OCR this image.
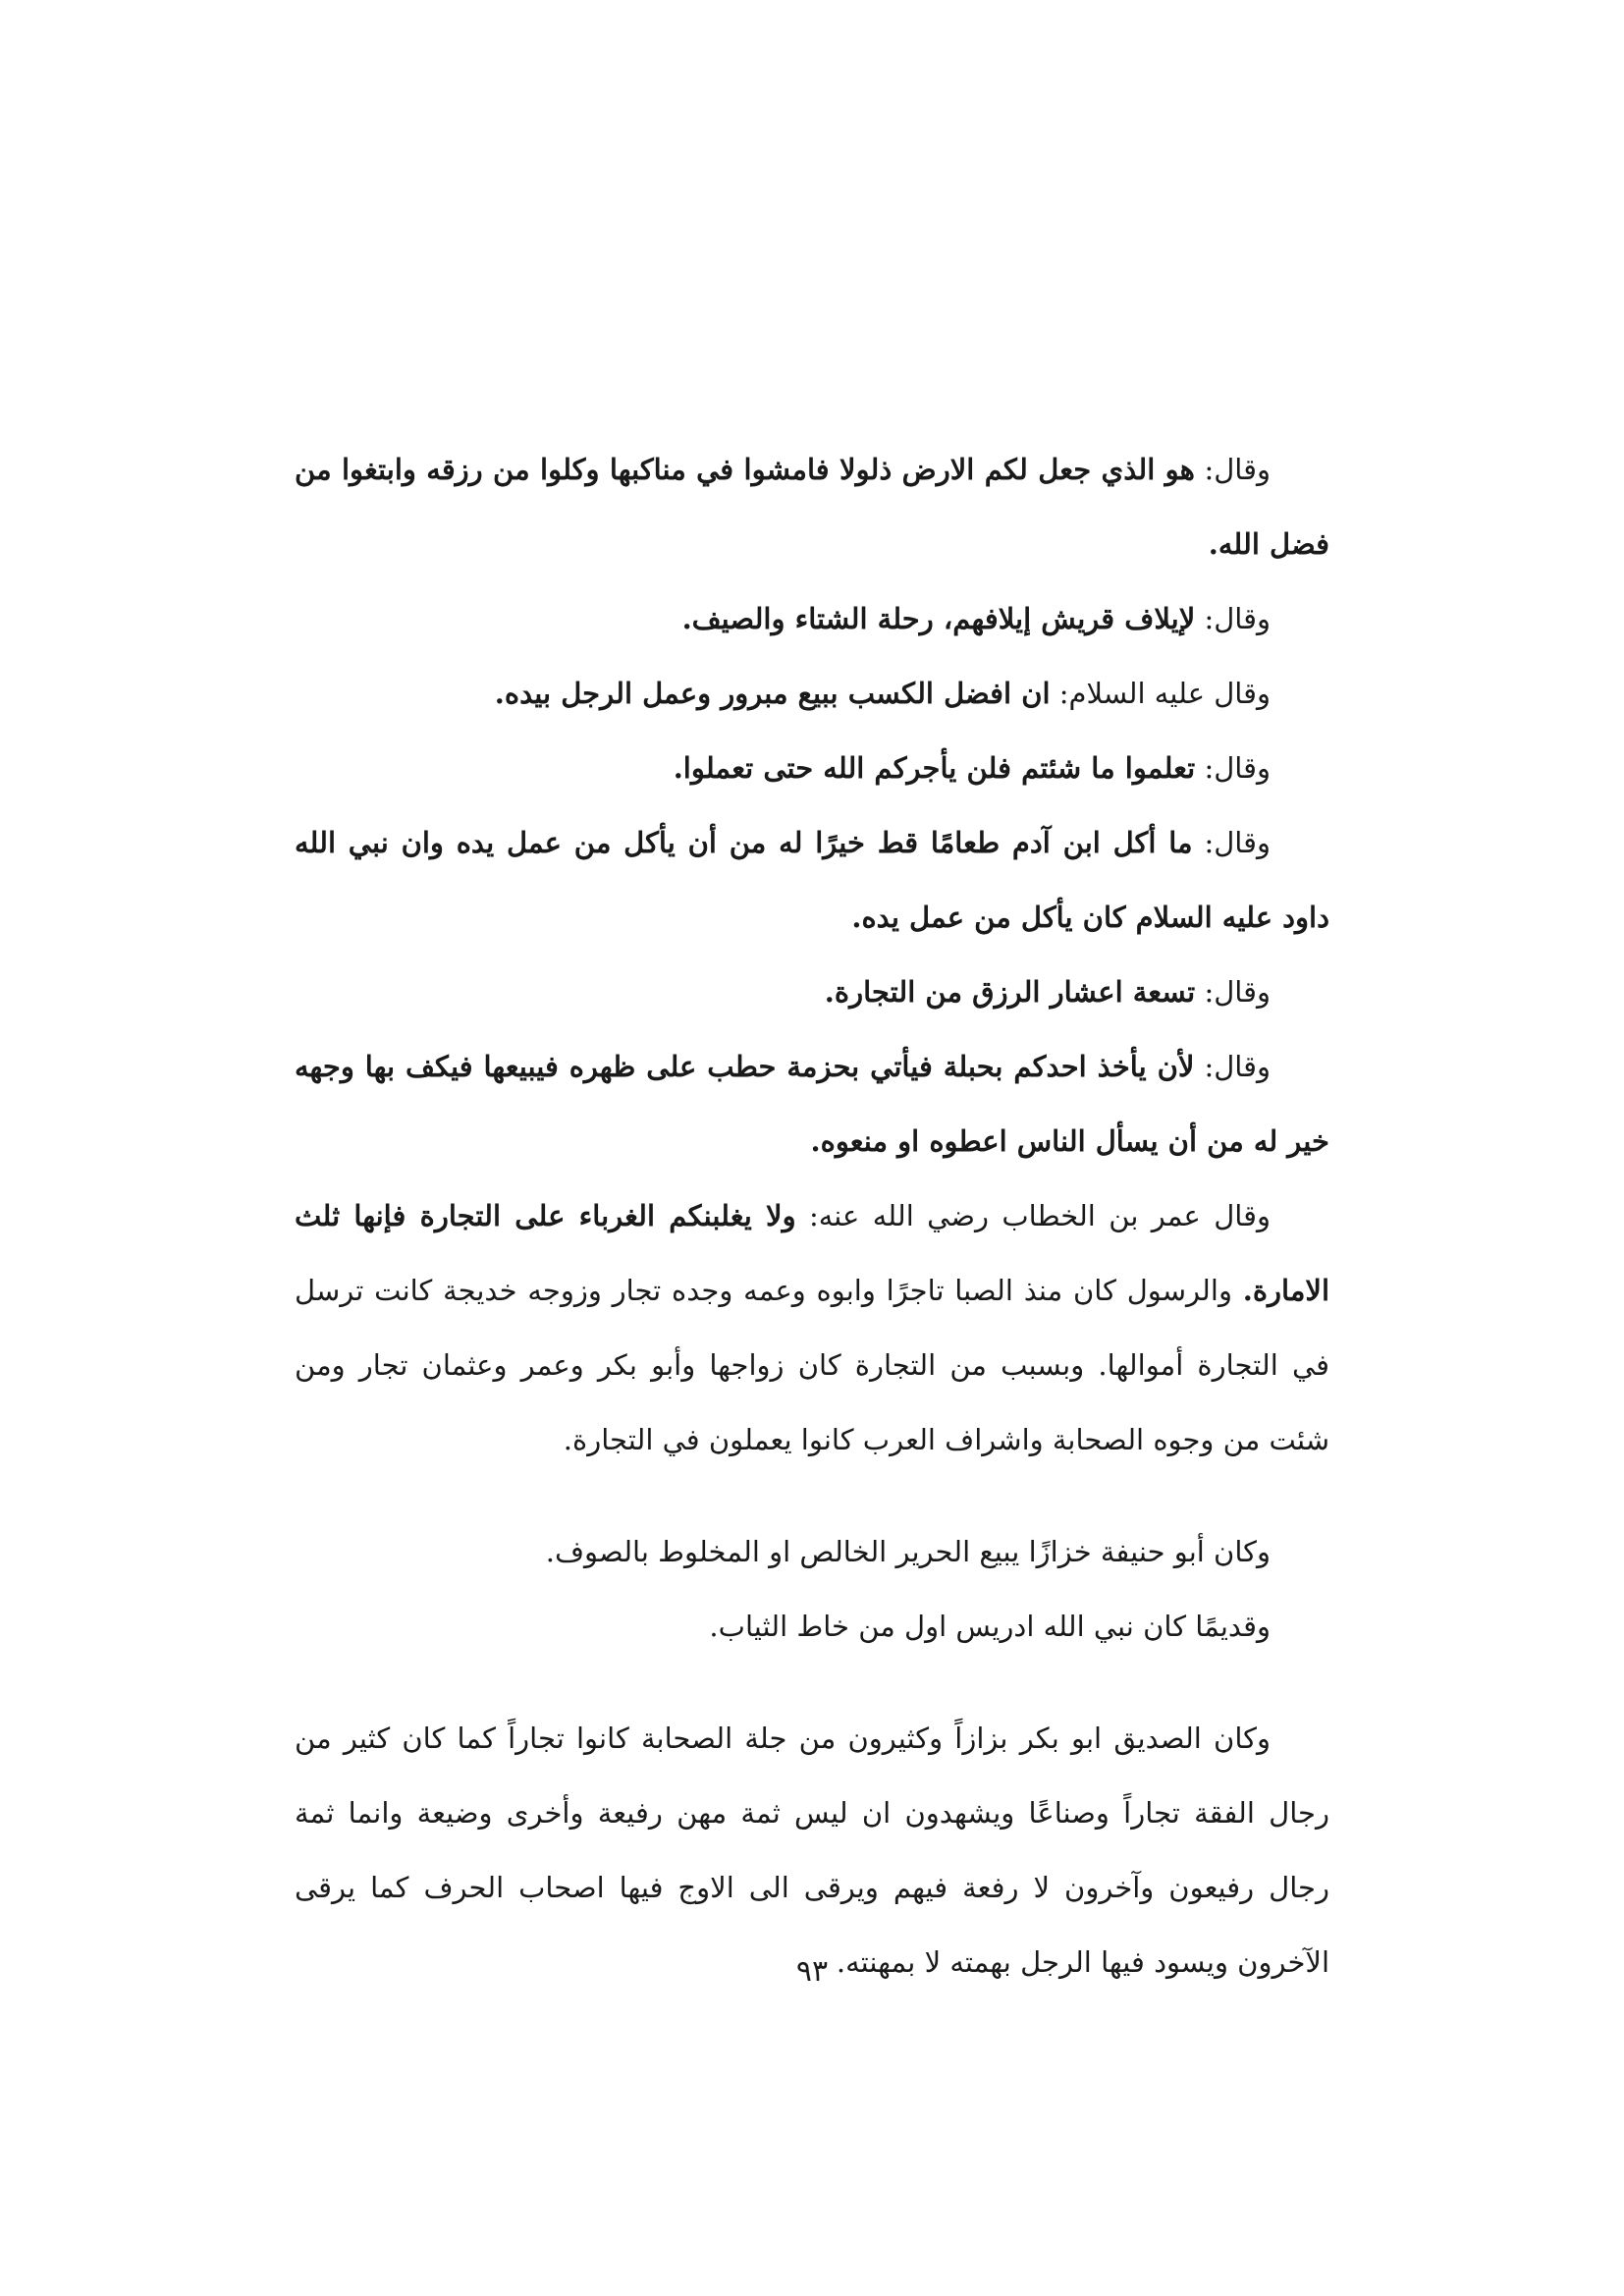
وقال: هو الذي جعل لكم الارض ذلولا فامشوا في مناكبها وكلوا من رزقه وابتغوا من فضل الله.

وقال: لإيلاف قريش إيلافهم، رحلة الشتاء والصيف.

وقال عليه السلام: ان افضل الكسب ببيع مبرور وعمل الرجل بيده.

وقال: تعلموا ما شئتم فلن يأجركم الله حتى تعملوا.

وقال: ما أكل ابن آدم طعامًا قط خيرًا له من أن يأكل من عمل يده وان نبي الله داود عليه السلام كان يأكل من عمل يده.

وقال: تسعة اعشار الرزق من التجارة.

وقال: لأن يأخذ احدكم بحبلة فيأتي بحزمة حطب على ظهره فيبيعها فيكف بها وجهه خير له من أن يسأل الناس اعطوه او منعوه.

وقال عمر بن الخطاب رضي الله عنه: ولا يغلبنكم الغرباء على التجارة فإنها ثلث الامارة. والرسول كان منذ الصبا تاجرًا وابوه وعمه وجده تجار وزوجه خديجة كانت ترسل في التجارة أموالها. وبسبب من التجارة كان زواجها وأبو بكر وعمر وعثمان تجار ومن شئت من وجوه الصحابة واشراف العرب كانوا يعملون في التجارة.

وكان أبو حنيفة خزازًا يبيع الحرير الخالص او المخلوط بالصوف.

وقديمًا كان نبي الله ادريس اول من خاط الثياب.

وكان الصديق ابو بكر بزازاً وكثيرون من جلة الصحابة كانوا تجاراً كما كان كثير من رجال الفقة تجاراً وصناعًا ويشهدون ان ليس ثمة مهن رفيعة وأخرى وضيعة وانما ثمة رجال رفيعون وآخرون لا رفعة فيهم ويرقى الى الاوج فيها اصحاب الحرف كما يرقى الآخرون ويسود فيها الرجل بهمته لا بمهنته.

٩٣
